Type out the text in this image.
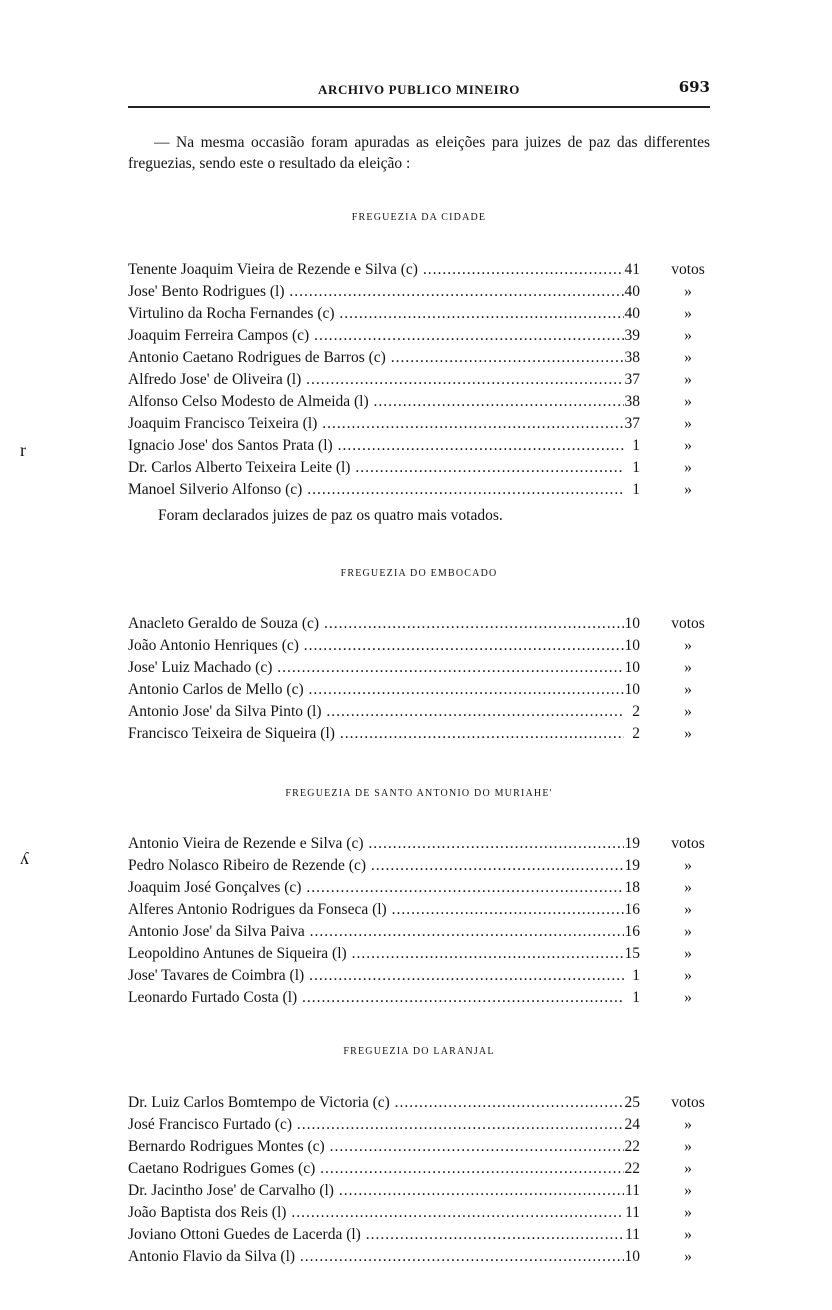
ARCHIVO PUBLICO MINEIRO	693
— Na mesma occasião foram apuradas as eleições para juizes de paz das differentes freguezias, sendo este o resultado da eleição :
FREGUEZIA DA CIDADE
Tenente Joaquim Vieira de Rezende e Silva (c) .....	41	votos
Jose' Bento Rodrigues (l) .....	40	»
Virtulino da Rocha Fernandes (c) .....	40	»
Joaquim Ferreira Campos (c) .....	39	»
Antonio Caetano Rodrigues de Barros (c) .....	38	»
Alfredo Jose' de Oliveira (l) .....	37	»
Alfonso Celso Modesto de Almeida (l) .....	38	»
Joaquim Francisco Teixeira (l) .....	37	»
Ignacio Jose' dos Santos Prata (l) .....	1	»
Dr. Carlos Alberto Teixeira Leite (l) .....	1	»
Manoel Silverio Alfonso (c) .....	1	»
Foram declarados juizes de paz os quatro mais votados.
FREGUEZIA DO EMBOCADO
Anacleto Geraldo de Souza (c) .....	10	votos
João Antonio Henriques (c) .....	10	»
Jose' Luiz Machado (c) .....	10	»
Antonio Carlos de Mello (c) .....	10	»
Antonio Jose' da Silva Pinto (l) .....	2	»
Francisco Teixeira de Siqueira (l) .....	2	»
FREGUEZIA DE SANTO ANTONIO DO MURIAHE'
Antonio Vieira de Rezende e Silva (c) .....	19	votos
Pedro Nolasco Ribeiro de Rezende (c) .....	19	»
Joaquim José Gonçalves (c) .....	18	»
Alferes Antonio Rodrigues da Fonseca (l) .....	16	»
Antonio Jose' da Silva Paiva .....	16	»
Leopoldino Antunes de Siqueira (l) .....	15	»
Jose' Tavares de Coimbra (l) .....	1	»
Leonardo Furtado Costa (l) .....	1	»
FREGUEZIA DO LARANJAL
Dr. Luiz Carlos Bomtempo de Victoria (c) .....	25	votos
José Francisco Furtado (c) .....	24	»
Bernardo Rodrigues Montes (c) .....	22	»
Caetano Rodrigues Gomes (c) .....	22	»
Dr. Jacintho Jose' de Carvalho (l) .....	11	»
João Baptista dos Reis (l) .....	11	»
Joviano Ottoni Guedes de Lacerda (l) .....	11	»
Antonio Flavio da Silva (l) .....	10	»
r
ʎ
